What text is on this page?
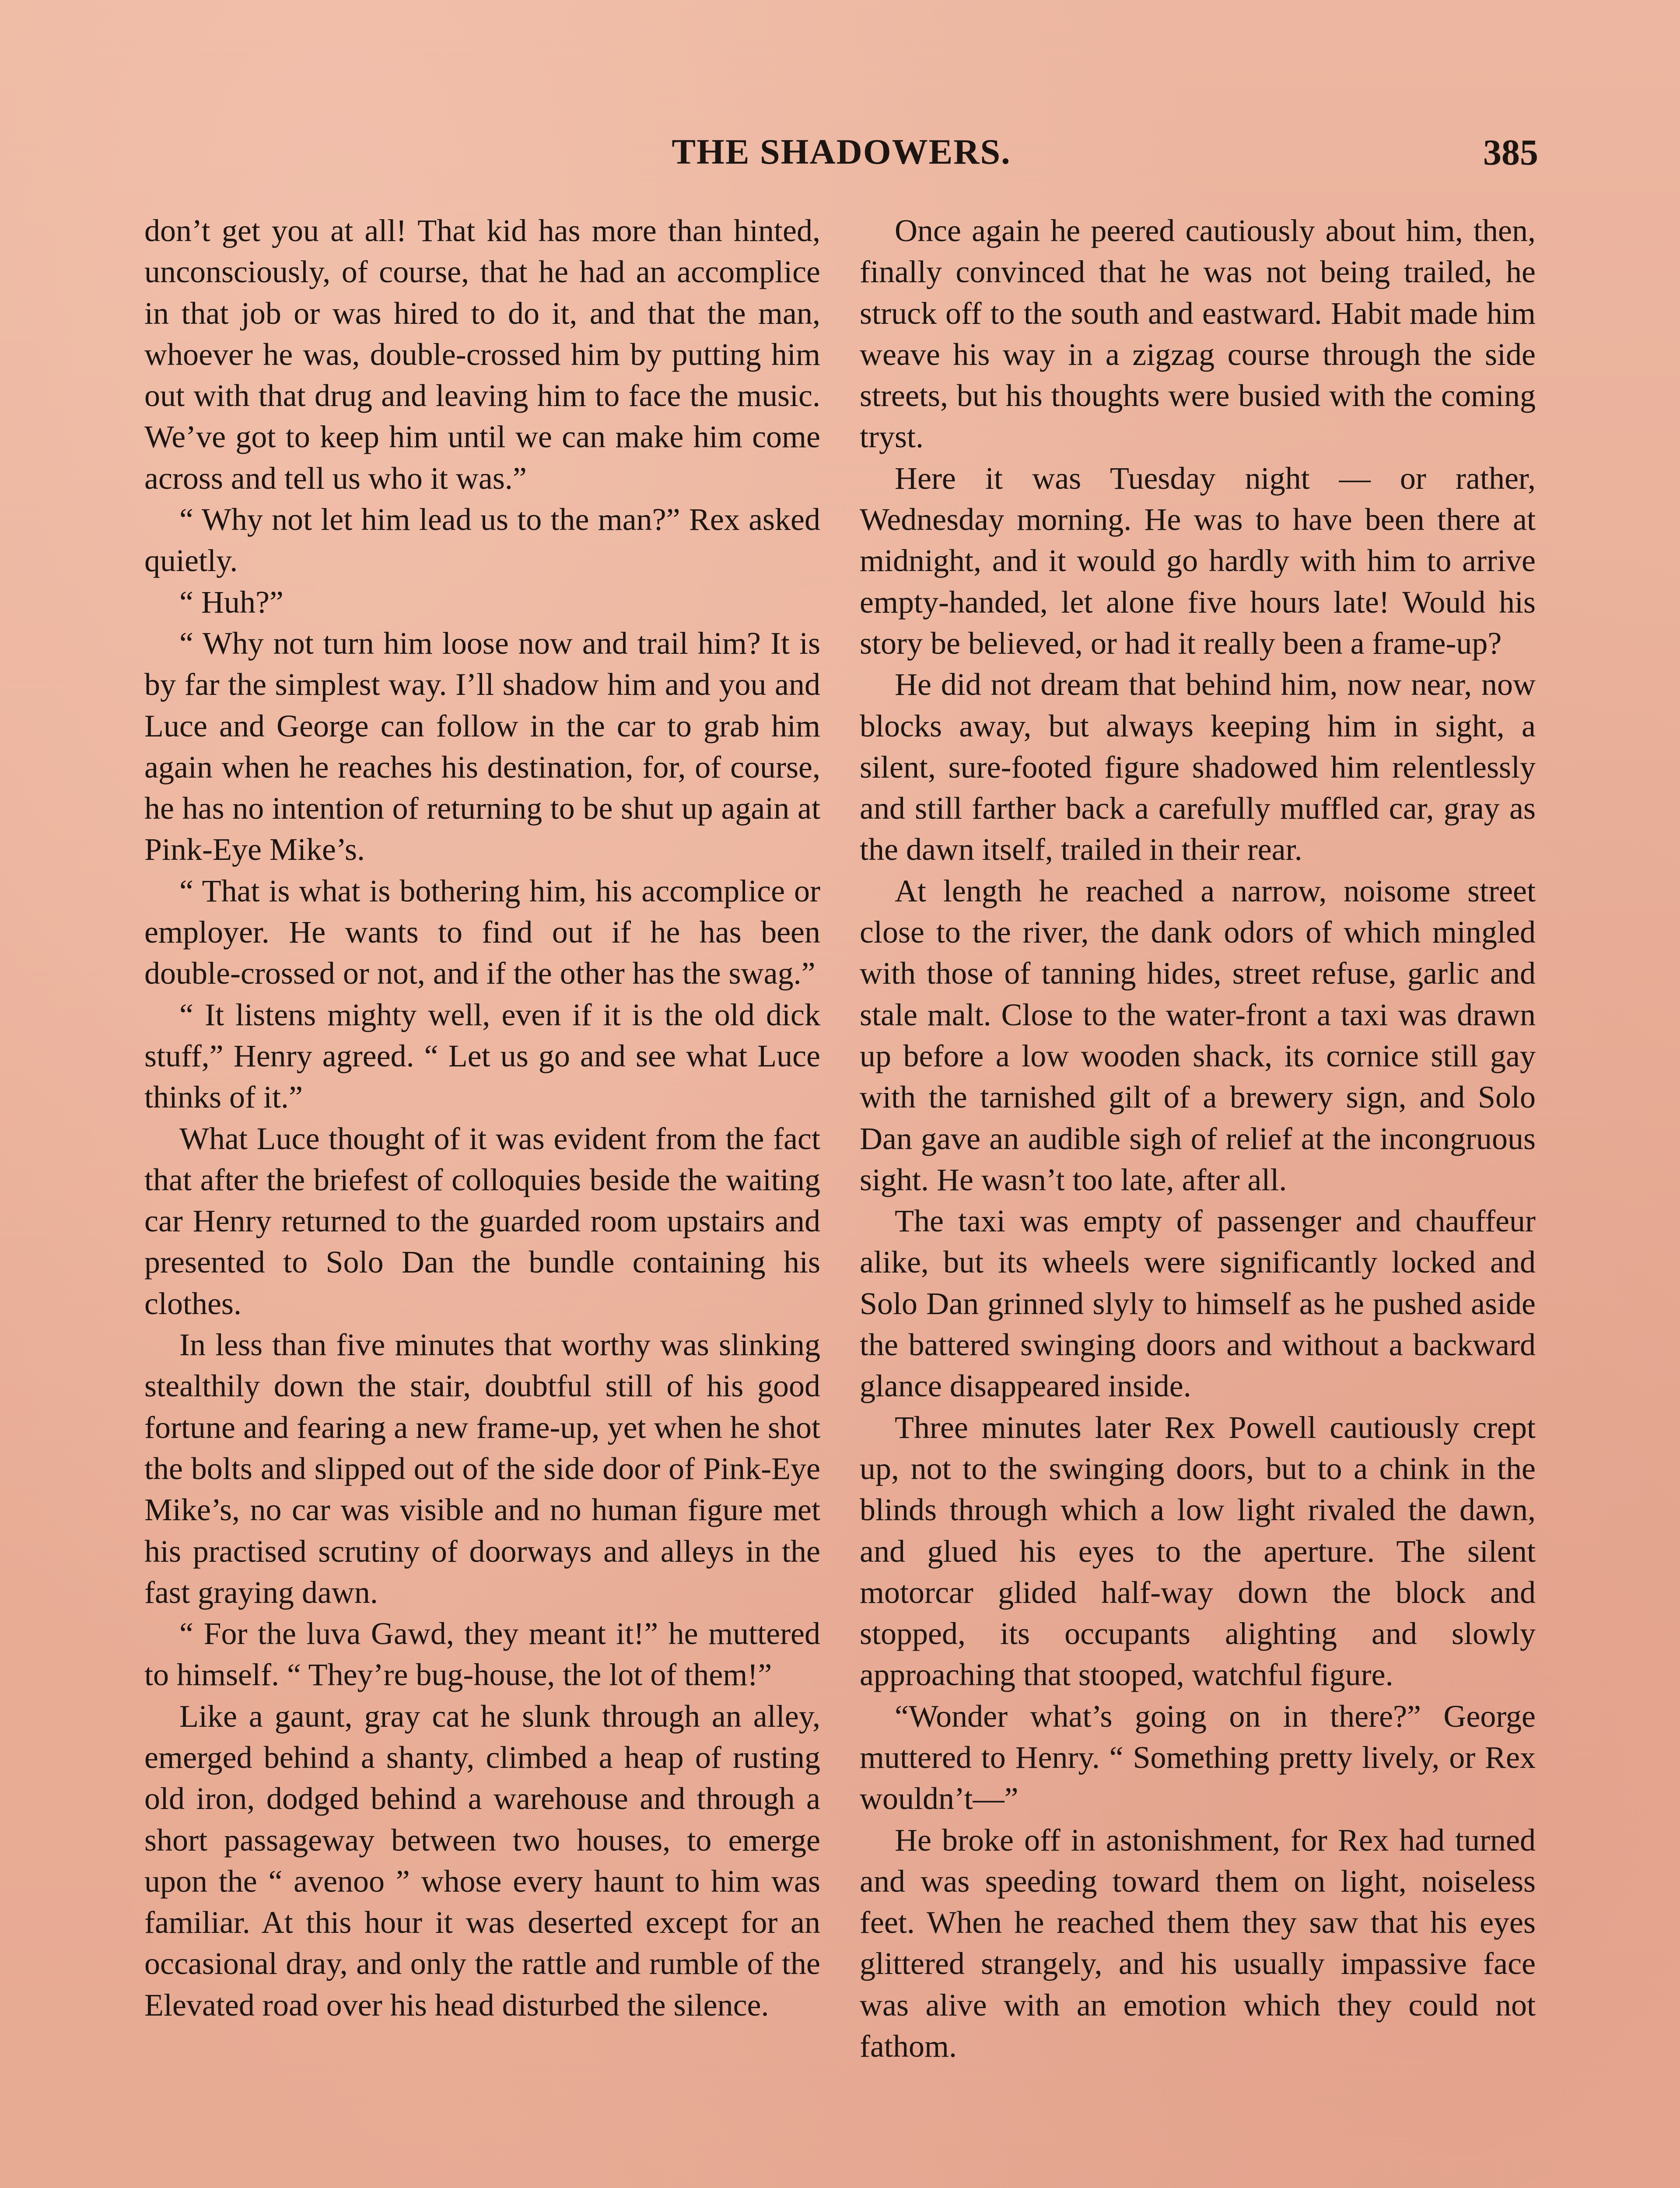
THE SHADOWERS.	385

don’t get you at all! That kid has more than hinted, unconsciously, of course, that he had an accomplice in that job or was hired to do it, and that the man, whoever he was, double-crossed him by putting him out with that drug and leaving him to face the music. We’ve got to keep him until we can make him come across and tell us who it was.”

“ Why not let him lead us to the man?” Rex asked quietly.

“ Huh?”

“ Why not turn him loose now and trail him? It is by far the simplest way. I’ll shadow him and you and Luce and George can follow in the car to grab him again when he reaches his destination, for, of course, he has no intention of returning to be shut up again at Pink-Eye Mike’s.

“ That is what is bothering him, his accomplice or employer. He wants to find out if he has been double-crossed or not, and if the other has the swag.”

“ It listens mighty well, even if it is the old dick stuff,” Henry agreed. “ Let us go and see what Luce thinks of it.”

What Luce thought of it was evident from the fact that after the briefest of colloquies beside the waiting car Henry returned to the guarded room upstairs and presented to Solo Dan the bundle containing his clothes.

In less than five minutes that worthy was slinking stealthily down the stair, doubtful still of his good fortune and fearing a new frame-up, yet when he shot the bolts and slipped out of the side door of Pink-Eye Mike’s, no car was visible and no human figure met his practised scrutiny of doorways and alleys in the fast graying dawn.

“ For the luva Gawd, they meant it!” he muttered to himself. “ They’re bug-house, the lot of them!”

Like a gaunt, gray cat he slunk through an alley, emerged behind a shanty, climbed a heap of rusting old iron, dodged behind a warehouse and through a short passageway between two houses, to emerge upon the “ avenoo ” whose every haunt to him was familiar. At this hour it was deserted except for an occasional dray, and only the rattle and rumble of the Elevated road over his head disturbed the silence.

Once again he peered cautiously about him, then, finally convinced that he was not being trailed, he struck off to the south and eastward. Habit made him weave his way in a zigzag course through the side streets, but his thoughts were busied with the coming tryst.

Here it was Tuesday night — or rather, Wednesday morning. He was to have been there at midnight, and it would go hardly with him to arrive empty-handed, let alone five hours late! Would his story be believed, or had it really been a frame-up?

He did not dream that behind him, now near, now blocks away, but always keeping him in sight, a silent, sure-footed figure shadowed him relentlessly and still farther back a carefully muffled car, gray as the dawn itself, trailed in their rear.

At length he reached a narrow, noisome street close to the river, the dank odors of which mingled with those of tanning hides, street refuse, garlic and stale malt. Close to the water-front a taxi was drawn up before a low wooden shack, its cornice still gay with the tarnished gilt of a brewery sign, and Solo Dan gave an audible sigh of relief at the incongruous sight. He wasn’t too late, after all.

The taxi was empty of passenger and chauffeur alike, but its wheels were significantly locked and Solo Dan grinned slyly to himself as he pushed aside the battered swinging doors and without a backward glance disappeared inside.

Three minutes later Rex Powell cautiously crept up, not to the swinging doors, but to a chink in the blinds through which a low light rivaled the dawn, and glued his eyes to the aperture. The silent motorcar glided half-way down the block and stopped, its occupants alighting and slowly approaching that stooped, watchful figure.

“Wonder what’s going on in there?” George muttered to Henry. “ Something pretty lively, or Rex wouldn’t—”

He broke off in astonishment, for Rex had turned and was speeding toward them on light, noiseless feet. When he reached them they saw that his eyes glittered strangely, and his usually impassive face was alive with an emotion which they could not fathom.
